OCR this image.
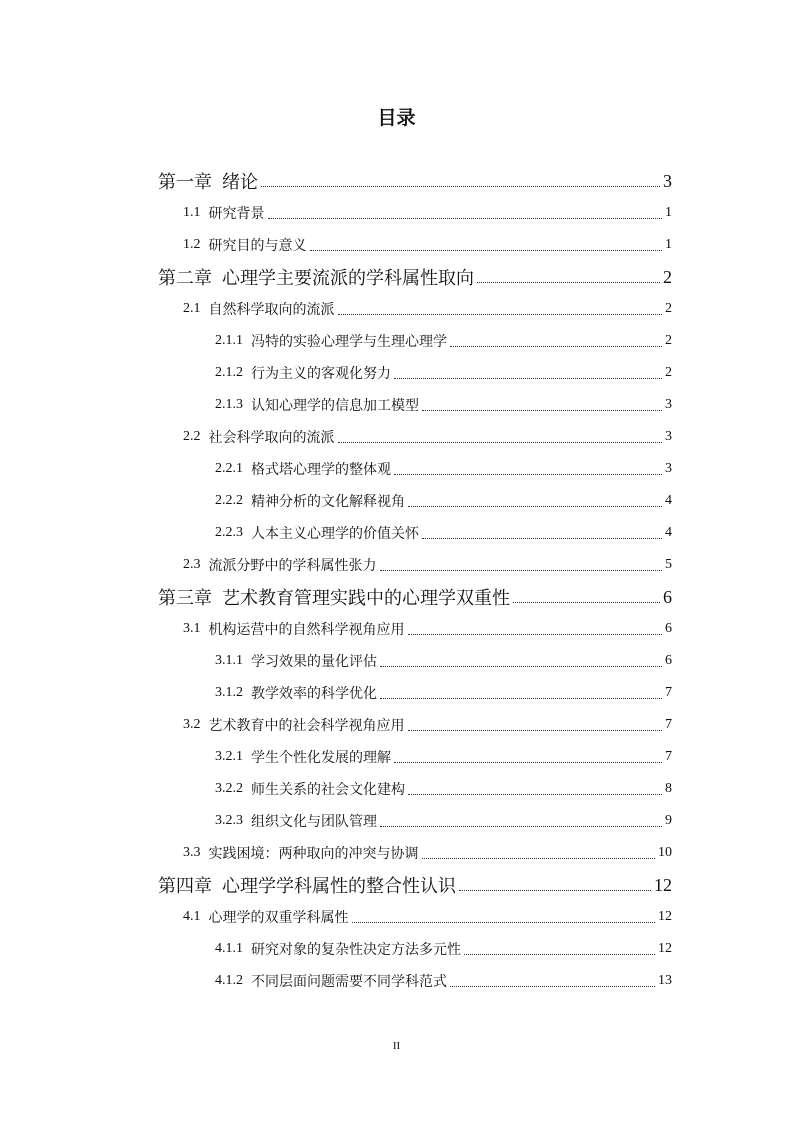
目录
第一章 绪论	3
1.1 研究背景	1
1.2 研究目的与意义	1
第二章 心理学主要流派的学科属性取向	2
2.1 自然科学取向的流派	2
2.1.1 冯特的实验心理学与生理心理学	2
2.1.2 行为主义的客观化努力	2
2.1.3 认知心理学的信息加工模型	3
2.2 社会科学取向的流派	3
2.2.1 格式塔心理学的整体观	3
2.2.2 精神分析的文化解释视角	4
2.2.3 人本主义心理学的价值关怀	4
2.3 流派分野中的学科属性张力	5
第三章 艺术教育管理实践中的心理学双重性	6
3.1 机构运营中的自然科学视角应用	6
3.1.1 学习效果的量化评估	6
3.1.2 教学效率的科学优化	7
3.2 艺术教育中的社会科学视角应用	7
3.2.1 学生个性化发展的理解	7
3.2.2 师生关系的社会文化建构	8
3.2.3 组织文化与团队管理	9
3.3 实践困境：两种取向的冲突与协调	10
第四章 心理学学科属性的整合性认识	12
4.1 心理学的双重学科属性	12
4.1.1 研究对象的复杂性决定方法多元性	12
4.1.2 不同层面问题需要不同学科范式	13
II
